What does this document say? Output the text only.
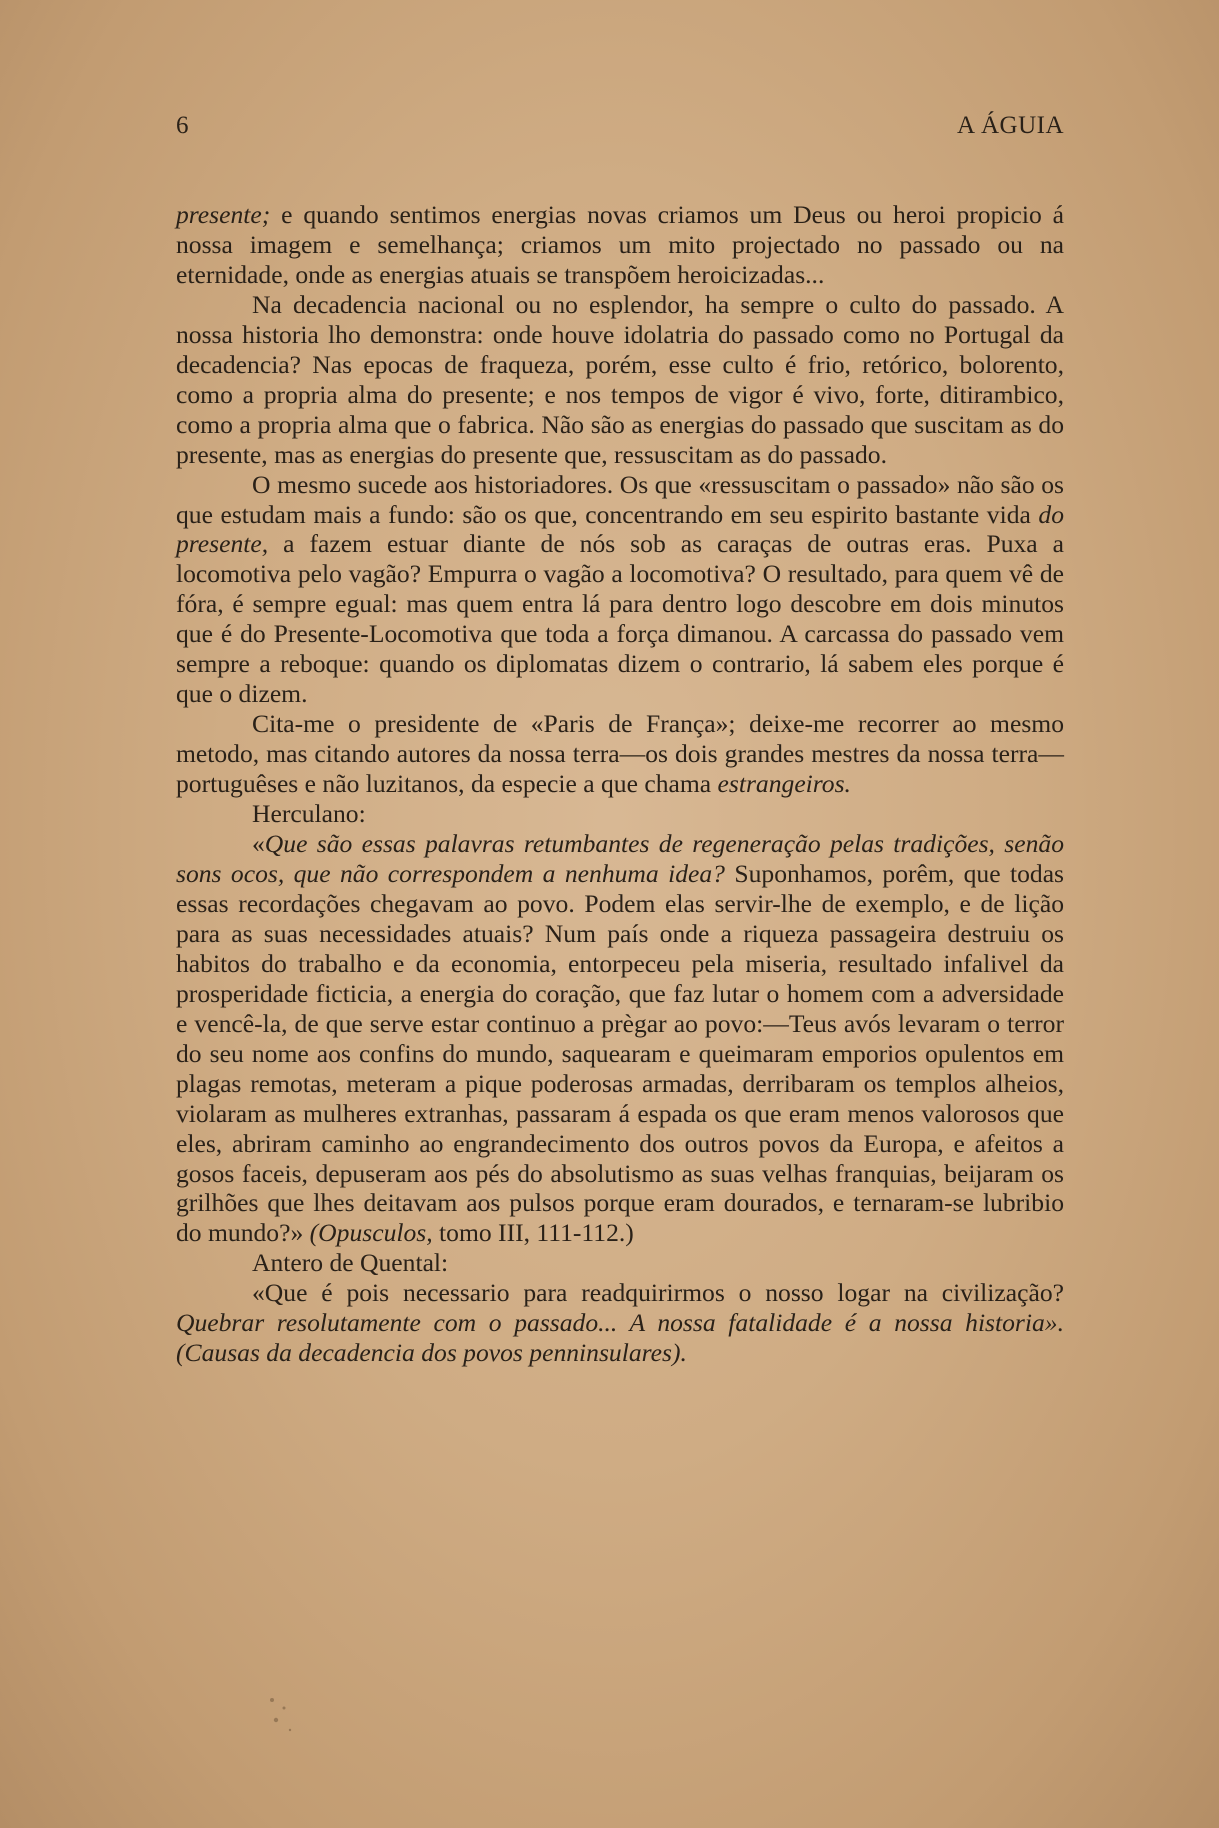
6	A ÁGUIA

presente; e quando sentimos energias novas criamos um Deus ou heroi propicio á nossa imagem e semelhança; criamos um mito projectado no passado ou na eternidade, onde as energias atuais se transpõem heroicizadas...

Na decadencia nacional ou no esplendor, ha sempre o culto do passado. A nossa historia lho demonstra: onde houve idolatria do passado como no Portugal da decadencia? Nas epocas de fraqueza, porém, esse culto é frio, retórico, bolorento, como a propria alma do presente; e nos tempos de vigor é vivo, forte, ditirambico, como a propria alma que o fabrica. Não são as energias do passado que suscitam as do presente, mas as energias do presente que, ressuscitam as do passado.

O mesmo sucede aos historiadores. Os que «ressuscitam o passado» não são os que estudam mais a fundo: são os que, concentrando em seu espirito bastante vida do presente, a fazem estuar diante de nós sob as caraças de outras eras. Puxa a locomotiva pelo vagão? Empurra o vagão a locomotiva? O resultado, para quem vê de fóra, é sempre egual: mas quem entra lá para dentro logo descobre em dois minutos que é do Presente-Locomotiva que toda a força dimanou. A carcassa do passado vem sempre a reboque: quando os diplomatas dizem o contrario, lá sabem eles porque é que o dizem.

Cita-me o presidente de «Paris de França»; deixe-me recorrer ao mesmo metodo, mas citando autores da nossa terra—os dois grandes mestres da nossa terra—portuguêses e não luzitanos, da especie a que chama estrangeiros.

Herculano:

«Que são essas palavras retumbantes de regeneração pelas tradições, senão sons ocos, que não correspondem a nenhuma idea? Suponhamos, porêm, que todas essas recordações chegavam ao povo. Podem elas servir-lhe de exemplo, e de lição para as suas necessidades atuais? Num país onde a riqueza passageira destruiu os habitos do trabalho e da economia, entorpeceu pela miseria, resultado infalivel da prosperidade ficticia, a energia do coração, que faz lutar o homem com a adversidade e vencê-la, de que serve estar continuo a prègar ao povo:—Teus avós levaram o terror do seu nome aos confins do mundo, saquearam e queimaram emporios opulentos em plagas remotas, meteram a pique poderosas armadas, derribaram os templos alheios, violaram as mulheres extranhas, passaram á espada os que eram menos valorosos que eles, abriram caminho ao engrandecimento dos outros povos da Europa, e afeitos a gosos faceis, depuseram aos pés do absolutismo as suas velhas franquias, beijaram os grilhões que lhes deitavam aos pulsos porque eram dourados, e ternaram-se lubribio do mundo?» (Opusculos, tomo III, 111-112.)

Antero de Quental:

«Que é pois necessario para readquirirmos o nosso logar na civilização? Quebrar resolutamente com o passado... A nossa fatalidade é a nossa historia». (Causas da decadencia dos povos penninsulares).
